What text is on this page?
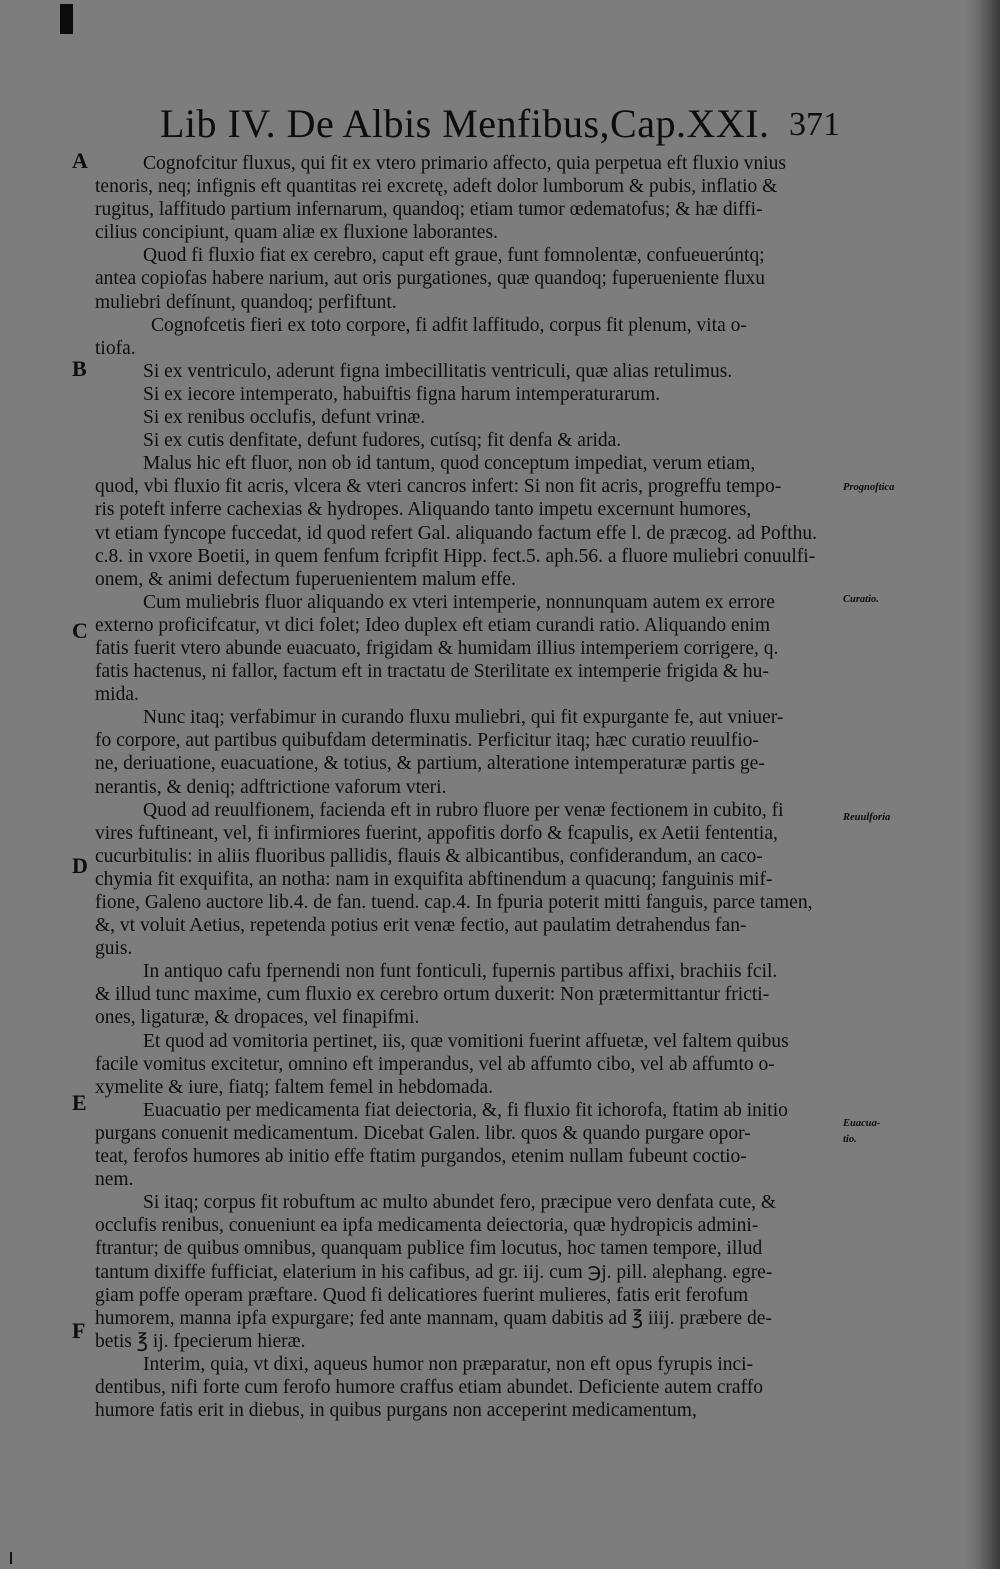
Lib IV. De Albis Menfibus,Cap.XXI. 371
A
B
C
D
E
F
Prognoftica
Curatio.
Reuulforia
Euacua-
tio.
Cognofcitur fluxus, qui fit ex vtero primario affecto, quia perpetua eft fluxio vnius
tenoris, neq; infignis eft quantitas rei excretę, adeft dolor lumborum & pubis, inflatio &
rugitus, laffitudo partium infernarum, quandoq; etiam tumor œdematofus; & hæ diffi-
cilius concipiunt, quam aliæ ex fluxione laborantes.
Quod fi fluxio fiat ex cerebro, caput eft graue, funt fomnolentæ, confueuerúntq;
antea copiofas habere narium, aut oris purgationes, quæ quandoq; fuperueniente fluxu
muliebri defínunt, quandoq; perfiftunt.
Cognofcetis fieri ex toto corpore, fi adfit laffitudo, corpus fit plenum, vita o-
tiofa.
Si ex ventriculo, aderunt figna imbecillitatis ventriculi, quæ alias retulimus.
Si ex iecore intemperato, habuiftis figna harum intemperaturarum.
Si ex renibus occlufis, defunt vrinæ.
Si ex cutis denfitate, defunt fudores, cutísq; fit denfa & arida.
Malus hic eft fluor, non ob id tantum, quod conceptum impediat, verum etiam,
quod, vbi fluxio fit acris, vlcera & vteri cancros infert: Si non fit acris, progreffu tempo-
ris poteft inferre cachexias & hydropes. Aliquando tanto impetu excernunt humores,
vt etiam fyncope fuccedat, id quod refert Gal. aliquando factum effe l. de præcog. ad Pofthu.
c.8. in vxore Boetii, in quem fenfum fcripfit Hipp. fect.5. aph.56. a fluore muliebri conuulfi-
onem, & animi defectum fuperuenientem malum effe.
Cum muliebris fluor aliquando ex vteri intemperie, nonnunquam autem ex errore
externo proficifcatur, vt dici folet; Ideo duplex eft etiam curandi ratio. Aliquando enim
fatis fuerit vtero abunde euacuato, frigidam & humidam illius intemperiem corrigere, q.
fatis hactenus, ni fallor, factum eft in tractatu de Sterilitate ex intemperie frigida & hu-
mida.
Nunc itaq; verfabimur in curando fluxu muliebri, qui fit expurgante fe, aut vniuer-
fo corpore, aut partibus quibufdam determinatis. Perficitur itaq; hæc curatio reuulfio-
ne, deriuatione, euacuatione, & totius, & partium, alteratione intemperaturæ partis ge-
nerantis, & deniq; adftrictione vaforum vteri.
Quod ad reuulfionem, facienda eft in rubro fluore per venæ fectionem in cubito, fi
vires fuftineant, vel, fi infirmiores fuerint, appofitis dorfo & fcapulis, ex Aetii fententia,
cucurbitulis: in aliis fluoribus pallidis, flauis & albicantibus, confiderandum, an caco-
chymia fit exquifita, an notha: nam in exquifita abftinendum a quacunq; fanguinis mif-
fione, Galeno auctore lib.4. de fan. tuend. cap.4. In fpuria poterit mitti fanguis, parce tamen,
&, vt voluit Aetius, repetenda potius erit venæ fectio, aut paulatim detrahendus fan-
guis.
In antiquo cafu fpernendi non funt fonticuli, fupernis partibus affixi, brachiis fcil.
& illud tunc maxime, cum fluxio ex cerebro ortum duxerit: Non prætermittantur fricti-
ones, ligaturæ, & dropaces, vel finapifmi.
Et quod ad vomitoria pertinet, iis, quæ vomitioni fuerint affuetæ, vel faltem quibus
facile vomitus excitetur, omnino eft imperandus, vel ab affumto cibo, vel ab affumto o-
xymelite & iure, fiatq; faltem femel in hebdomada.
Euacuatio per medicamenta fiat deiectoria, &, fi fluxio fit ichorofa, ftatim ab initio
purgans conuenit medicamentum. Dicebat Galen. libr. quos & quando purgare opor-
teat, ferofos humores ab initio effe ftatim purgandos, etenim nullam fubeunt coctio-
nem.
Si itaq; corpus fit robuftum ac multo abundet fero, præcipue vero denfata cute, &
occlufis renibus, conueniunt ea ipfa medicamenta deiectoria, quæ hydropicis admini-
ftrantur; de quibus omnibus, quanquam publice fim locutus, hoc tamen tempore, illud
tantum dixiffe fufficiat, elaterium in his cafibus, ad gr. iij. cum ℈j. pill. alephang. egre-
giam poffe operam præftare. Quod fi delicatiores fuerint mulieres, fatis erit ferofum
humorem, manna ipfa expurgare; fed ante mannam, quam dabitis ad ℥ iiij. præbere de-
betis ℥ ij. fpecierum hieræ.
Interim, quia, vt dixi, aqueus humor non præparatur, non eft opus fyrupis inci-
dentibus, nifi forte cum ferofo humore craffus etiam abundet. Deficiente autem craffo
humore fatis erit in diebus, in quibus purgans non acceperint medicamentum,
